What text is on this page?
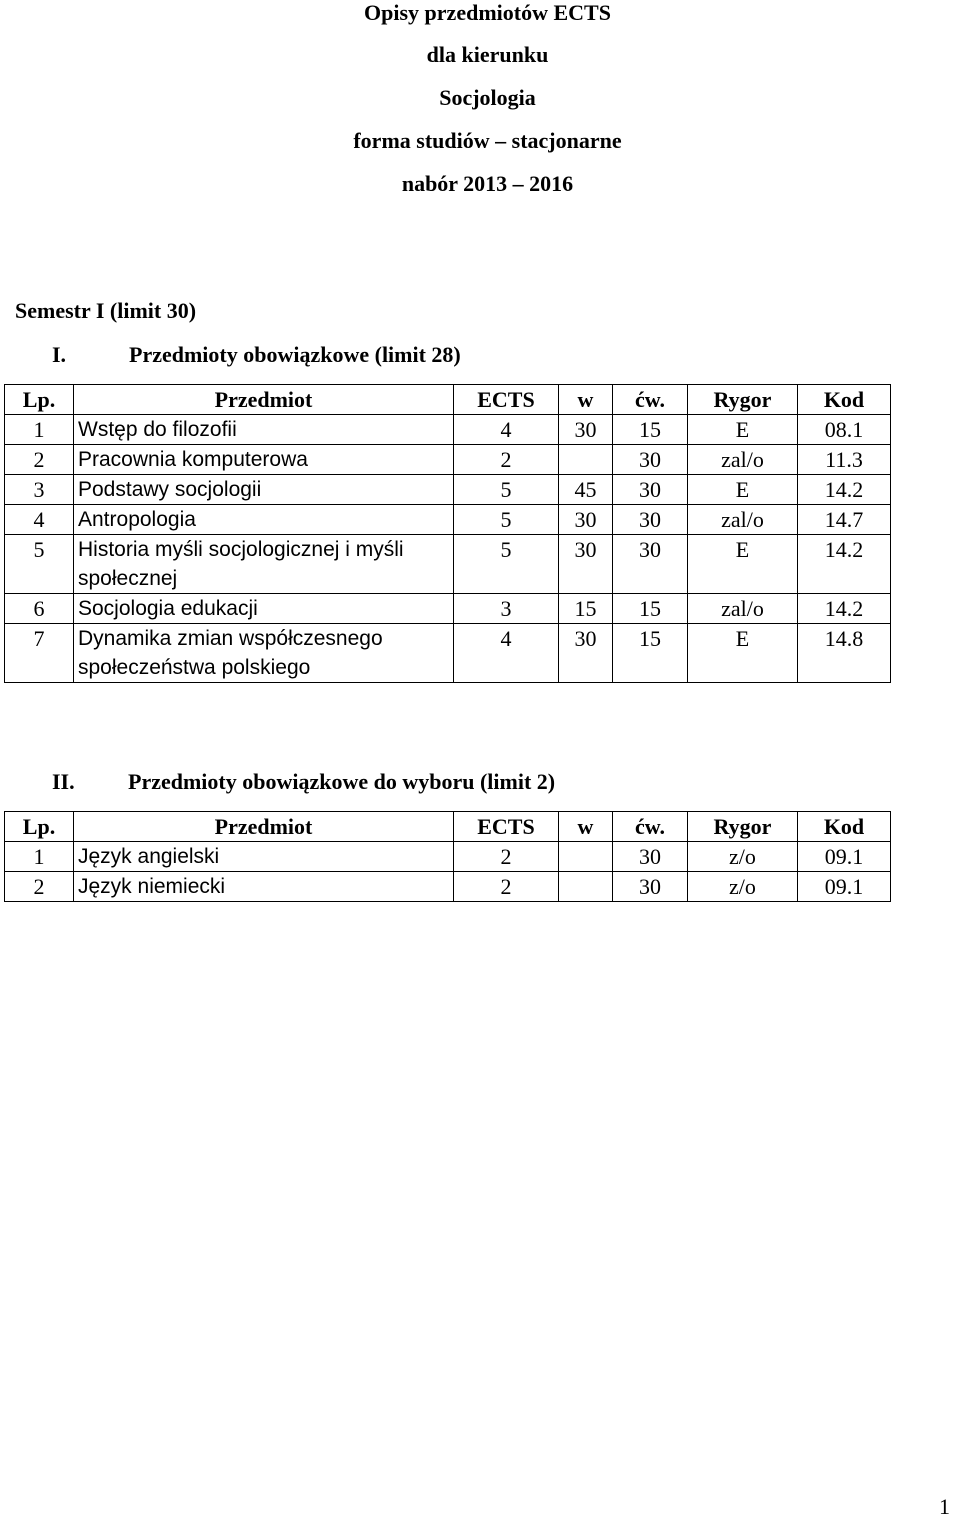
Opisy przedmiotów ECTS
dla kierunku
Socjologia
forma studiów – stacjonarne
nabór 2013 – 2016
Semestr I (limit 30)
I.	Przedmioty obowiązkowe (limit 28)
Lp.	Przedmiot	ECTS	w	ćw.	Rygor	Kod
1	Wstęp do filozofii	4	30	15	E	08.1
2	Pracownia komputerowa	2		30	zal/o	11.3
3	Podstawy socjologii	5	45	30	E	14.2
4	Antropologia	5	30	30	zal/o	14.7
5	Historia myśli socjologicznej i myśli społecznej	5	30	30	E	14.2
6	Socjologia edukacji	3	15	15	zal/o	14.2
7	Dynamika zmian współczesnego społeczeństwa polskiego	4	30	15	E	14.8
II. Przedmioty obowiązkowe do wyboru (limit 2)
Lp.	Przedmiot	ECTS	w	ćw.	Rygor	Kod
1	Język angielski	2		30	z/o	09.1
2	Język niemiecki	2		30	z/o	09.1
1
